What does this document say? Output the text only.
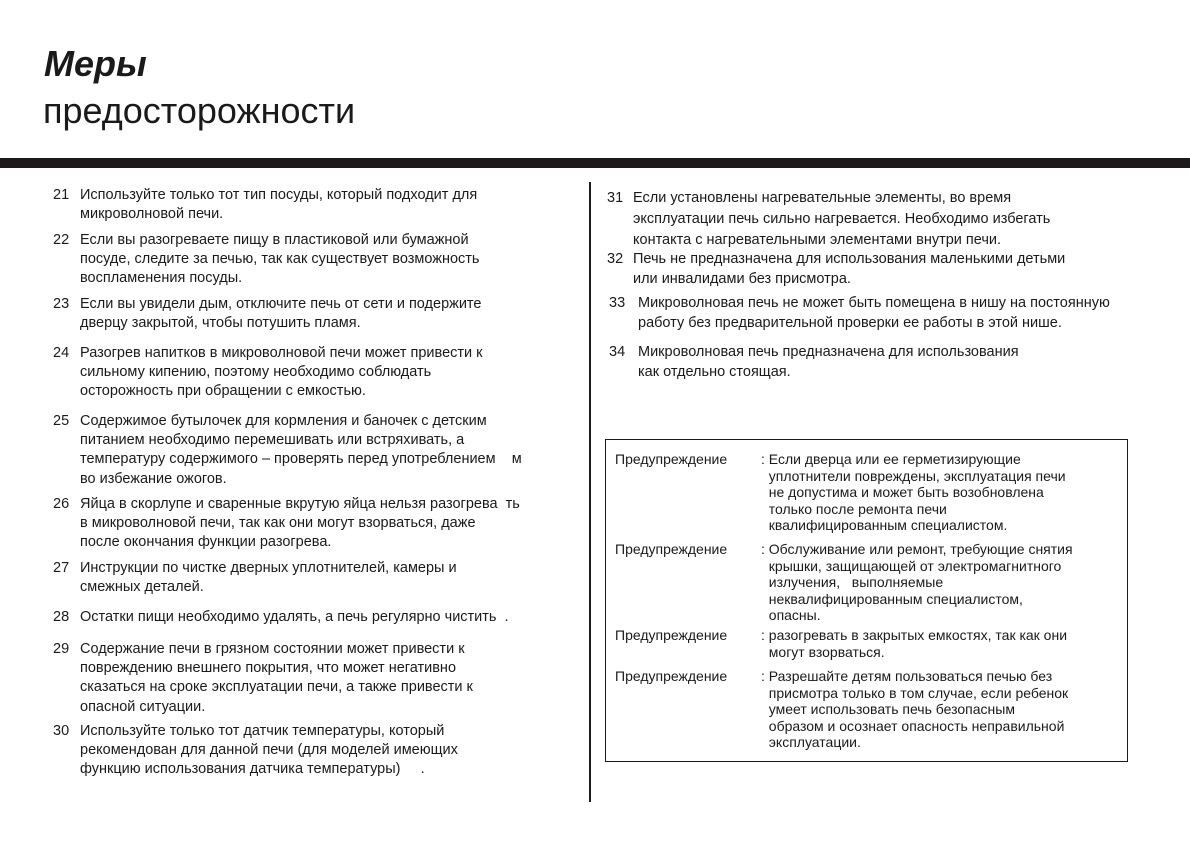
Меры
предосторожности

21

Используйте только тот тип посуды, который подходит для
микроволновой печи.

22

Если вы разогреваете пищу в пластиковой или бумажной
посуде, следите за печью, так как существует возможность
воспламенения посуды.

23

Если вы увидели дым, отключите печь от сети и подержите
дверцу закрытой, чтобы потушить пламя.

24

Разогрев напитков в микроволновой печи может привести к
сильному кипению, поэтому необходимо соблюдать
осторожность при обращении с емкостью.

25

Содержимое бутылочек для кормления и баночек с детским
питанием необходимо перемешивать или встряхивать, а
температуру содержимого – проверять перед употреблением    м
во избежание ожогов.

26

Яйца в скорлупе и сваренные вкрутую яйца нельзя разогрева  ть
в микроволновой печи, так как они могут взорваться, даже
после окончания функции разогрева.

27

Инструкции по чистке дверных уплотнителей, камеры и
смежных деталей.

28

Остатки пищи необходимо удалять, а печь регулярно чистить  .

29

Содержание печи в грязном состоянии может привести к
повреждению внешнего покрытия, что может негативно
сказаться на сроке эксплуатации печи, а также привести к
опасной ситуации.

30

Используйте только тот датчик температуры, который
рекомендован для данной печи (для моделей имеющих
функцию использования датчика температуры)     .

31

Если установлены нагревательные элементы, во время
эксплуатации печь сильно нагревается. Необходимо избегать
контакта с нагревательными элементами внутри печи.

32

Печь не предназначена для использования маленькими детьми
или инвалидами без присмотра.

33

Микроволновая печь не может быть помещена в нишу на постоянную
работу без предварительной проверки ее работы в этой нише.

34

Микроволновая печь предназначена для использования
как отдельно стоящая.

Предупреждение

: Если дверца или ее герметизирующие
уплотнители повреждены, эксплуатация печи
не допустима и может быть возобновлена
только после ремонта печи
квалифицированным специалистом.

Предупреждение

: Обслуживание или ремонт, требующие снятия
крышки, защищающей от электромагнитного
излучения,   выполняемые
неквалифицированным специалистом,
опасны.

Предупреждение

: разогревать в закрытых емкостях, так как они
могут взорваться.

Предупреждение

: Разрешайте детям пользоваться печью без
присмотра только в том случае, если ребенок
умеет использовать печь безопасным
образом и осознает опасность неправильной
эксплуатации.
